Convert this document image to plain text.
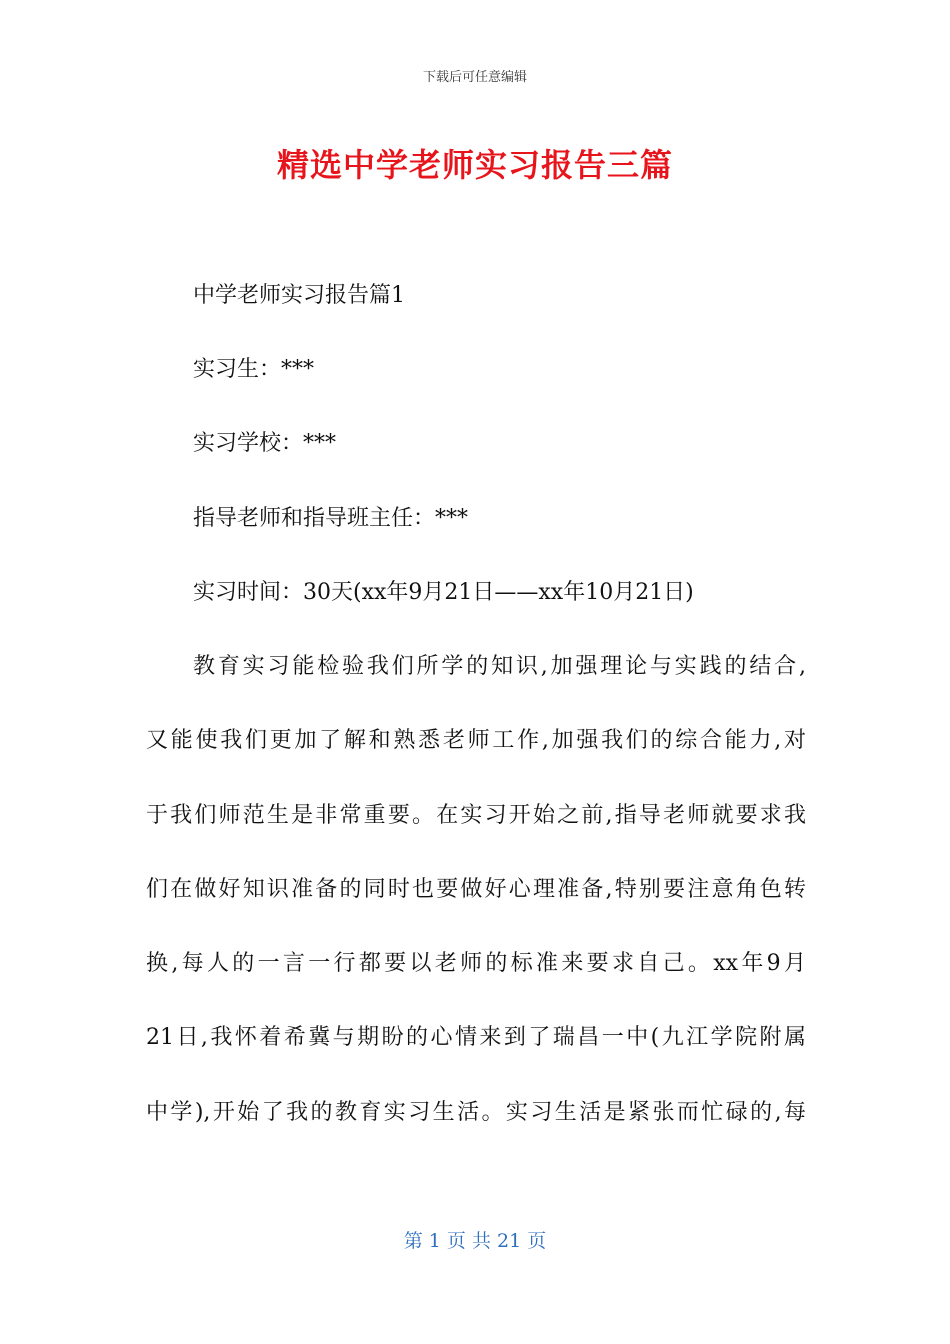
下载后可任意编辑
精选中学老师实习报告三篇
中学老师实习报告篇1
实习生：***
实习学校：***
指导老师和指导班主任：***
实习时间：30天(xx年9月21日——xx年10月21日)
教育实习能检验我们所学的知识,加强理论与实践的结合,
又能使我们更加了解和熟悉老师工作,加强我们的综合能力,对
于我们师范生是非常重要。在实习开始之前,指导老师就要求我
们在做好知识准备的同时也要做好心理准备,特别要注意角色转
换,每人的一言一行都要以老师的标准来要求自己。xx年9月
21日,我怀着希冀与期盼的心情来到了瑞昌一中(九江学院附属
中学),开始了我的教育实习生活。实习生活是紧张而忙碌的,每
第 1 页 共 21 页
